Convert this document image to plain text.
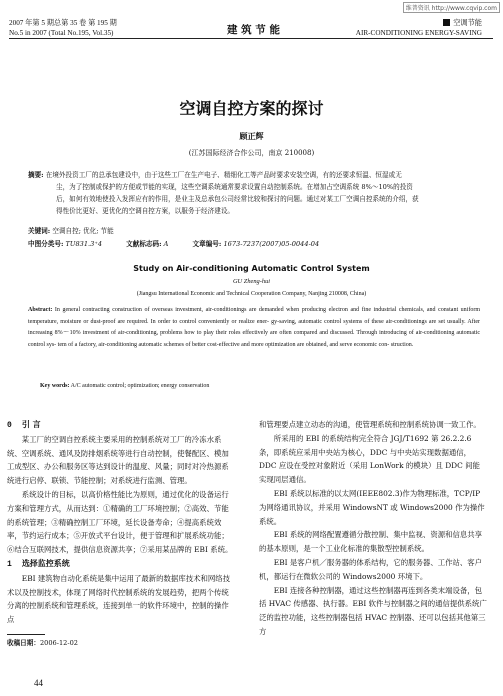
维普资讯 http://www.cqvip.com
2007 年第 5 期总第 35 卷 第 195 期
No.5 in 2007 (Total No.195, Vol.35)	建 筑 节 能
空调节能
AIR-CONDITIONING ENERGY-SAVING
空调自控方案的探讨
顾正辉
(江苏国际经济合作公司，南京 210008)
摘要: 在境外投资工厂的总承包建设中，由于这些工厂在生产电子、精细化工等产品时要求安装空调，有的还要求恒温、恒湿或无
尘，为了控制或保护的方便或节能的实现，这些空调系统通常要求设置自动控制系统。在增加占空调系统 8%～10%的投资
后，如何有效地使投入发挥应有的作用，是业主及总承包公司经常比较和探讨的问题。通过对某工厂空调自控系统的介绍，获
得性价比更好、更优化的空调自控方案，以服务于经济建设。
关键词: 空调自控; 优化; 节能
中图分类号: TU831.3⁺4	文献标志码: A	文章编号: 1673-7237(2007)05-0044-04
Study on Air-conditioning Automatic Control System
GU Zheng-hui
(Jiangsu International Economic and Technical Cooperation Company, Nanjing 210008, China)
Abstract: In general contracting construction of overseas investment, air-conditionings are demanded when producing electron and fine industrial chemicals, and constant uniform temperature, moisture or dust-proof are required. In order to control conveniently or realize ener- gy-saving, automatic control systems of these air-conditionings are set usually. After increasing 8%～10% investment of air-conditioning, problems how to play their roles effectively are often compared and discussed. Through introducing of air-conditioning automatic control sys- tem of a factory, air-conditioning automatic schemes of better cost-effective and more optimization are obtained, and serve economic con- struction.
Key words: A/C automatic control; optimization; energy conservation
0 引 言

某工厂的空调自控系统主要采用的控制系统对工厂的冷冻水系统、空调系统、通风及防排烟系统等进行自动控制，使餐配区、模加工成型区、办公和服务区等达到设计的温度、风量；同时对冷热源系统进行启停、联锁、节能控制；对系统进行监测、管理。

系统设计的目标，以高价格性能比为原则，通过优化的设备运行方案和管理方式，从而达到：①精确的工厂环境控制；②高效、节能的系统管理；③精确控制工厂环境，延长设备寿命；④提高系统效率，节约运行成本；⑤开放式平台设计，便于管理和扩展系统功能；⑥结合互联网技术，提供信息资源共享；⑦采用某品牌的 EBI 系统。

1 选择监控系统

EBI 建筑物自动化系统是集中运用了最新的数据库技术和网络技术以及控制技术，体现了网络时代控制系统的发展趋势，把两个传统分离的控制系统和管理系统，连接到单一的软件环境中，控制的操作点

和管理要点建立动态的沟通，使管理系统和控制系统协调一致工作。

所采用的 EBI 的系统结构完全符合 JGJ/T1692 第 26.2.2.6 条，即系统应采用中央站为核心，DDC 与中央站实现数据通信，DDC 应设在受控对象附近（采用 LonWork 的模块）且 DDC 间能实现同层通信。

EBI 系统以标准的以太网(IEEE802.3)作为物理标准，TCP/IP 为网络通讯协议，并采用 WindowsNT 或 Windows2000 作为操作系统。

EBI 系统的网络配置遵循分散控制、集中监视、资源和信息共享的基本原则，是一个工业化标准的集散型控制系统。

EBI 是客户机／服务器的体系结构，它的服务器、工作站、客户机，都运行在微软公司的 Windows2000 环境下。

EBI 连接各种控制器，通过这些控制器再连到各类末端设备，包括 HVAC 传感器、执行器。EBI 软件与控制器之间的通信提供系统广泛的监控功能，这些控制器包括 HVAC 控制器、还可以包括其他第三方

收稿日期：2006-12-02
44
